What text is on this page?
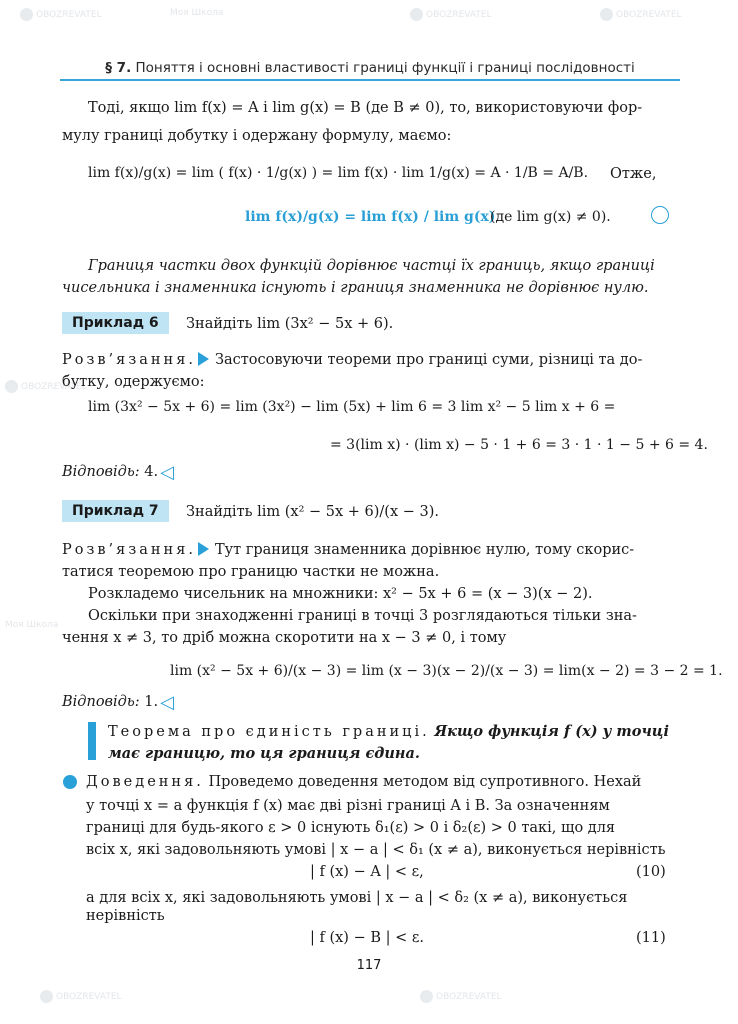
OBOZREVATEL	Моя Школа	OBOZREVATEL	OBOZREVATEL
OBOZREVATEL
Моя Школа
OBOZREVATEL	OBOZREVATEL
§ 7. Поняття і основні властивості границі функції і границі послідовності
Тоді, якщо lim f(x) = A і lim g(x) = B (де B ≠ 0), то, використовуючи фор-
мулу границі добутку і одержану формулу, маємо:
lim f(x)/g(x) = lim ( f(x) · 1/g(x) ) = lim f(x) · lim 1/g(x) = A · 1/B = A/B. Отже,
lim f(x)/g(x) = lim f(x) / lim g(x)
(де lim g(x) ≠ 0).
Границя частки двох функцій дорівнює частці їх границь, якщо границі
чисельника і знаменника існують і границя знаменника не дорівнює нулю.
Приклад 6	Знайдіть lim (3x² − 5x + 6).
Розв’язання. Застосовуючи теореми про границі суми, різниці та до-
бутку, одержуємо:
lim (3x² − 5x + 6) = lim (3x²) − lim (5x) + lim 6 = 3 lim x² − 5 lim x + 6 =
= 3(lim x) · (lim x) − 5 · 1 + 6 = 3 · 1 · 1 − 5 + 6 = 4.
Відповідь: 4. ◁
Приклад 7	Знайдіть lim (x² − 5x + 6)/(x − 3).
Розв’язання. Тут границя знаменника дорівнює нулю, тому скорис-
татися теоремою про границю частки не можна.
Розкладемо чисельник на множники: x² − 5x + 6 = (x − 3)(x − 2).
Оскільки при знаходженні границі в точці 3 розглядаються тільки зна-
чення x ≠ 3, то дріб можна скоротити на x − 3 ≠ 0, і тому
lim (x² − 5x + 6)/(x − 3) = lim (x − 3)(x − 2)/(x − 3) = lim(x − 2) = 3 − 2 = 1.
Відповідь: 1. ◁
Теорема про єдиність границі. Якщо функція f (x) у точці
має границю, то ця границя єдина.
Доведення. Проведемо доведення методом від супротивного. Нехай
у точці x = a функція f (x) має дві різні границі A і B. За означенням
границі для будь-якого ε > 0 існують δ₁(ε) > 0 і δ₂(ε) > 0 такі, що для
всіх x, які задовольняють умові | x − a | < δ₁ (x ≠ a), виконується нерівність
| f (x) − A | < ε,	(10)
а для всіх x, які задовольняють умові | x − a | < δ₂ (x ≠ a), виконується
нерівність
| f (x) − B | < ε.	(11)
117
